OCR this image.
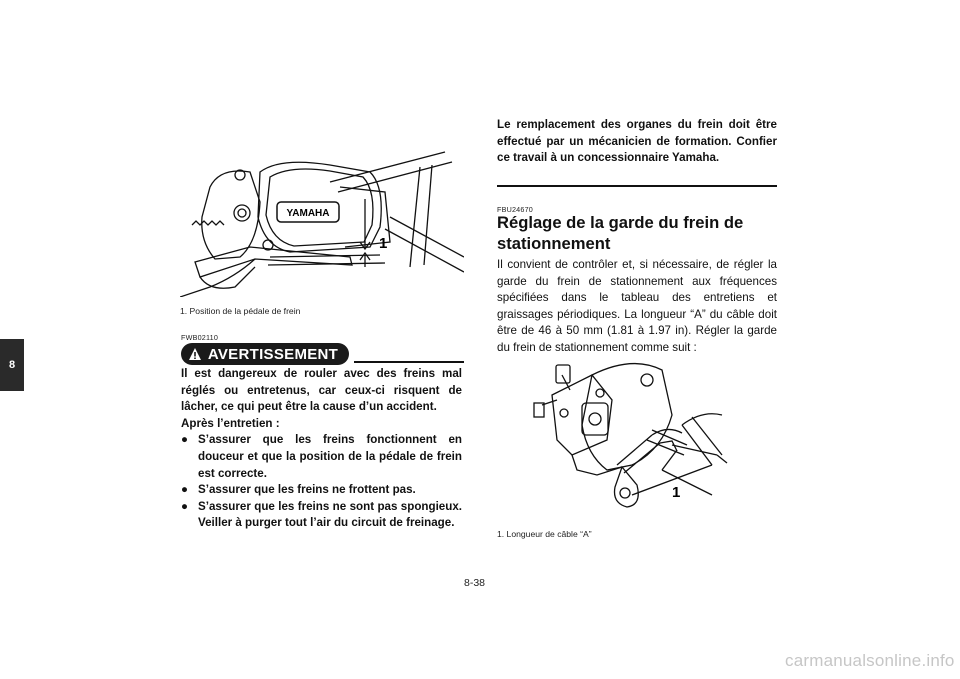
8
YAMAHA
1
1. Position de la pédale de frein
FWB02110
AVERTISSEMENT

Il est dangereux de rouler avec des freins mal réglés ou entretenus, car ceux-ci risquent de lâcher, ce qui peut être la cause d’un accident.

Après l’entretien :

● S’assurer que les freins fonctionnent en douceur et que la position de la pédale de frein est correcte.

● S’assurer que les freins ne frottent pas.

● S’assurer que les freins ne sont pas spongieux. Veiller à purger tout l’air du circuit de freinage.

Le remplacement des organes du frein doit être effectué par un mécanicien de formation. Confier ce travail à un concessionnaire Yamaha.
FBU24670
Réglage de la garde du frein de stationnement
Il convient de contrôler et, si nécessaire, de régler la garde du frein de stationnement aux fréquences spécifiées dans le tableau des entretiens et graissages périodiques. La longueur “A” du câble doit être de 46 à 50 mm (1.81 à 1.97 in). Régler la garde du frein de stationnement comme suit :
1
1. Longueur de câble “A”
8-38
carmanualsonline.info
